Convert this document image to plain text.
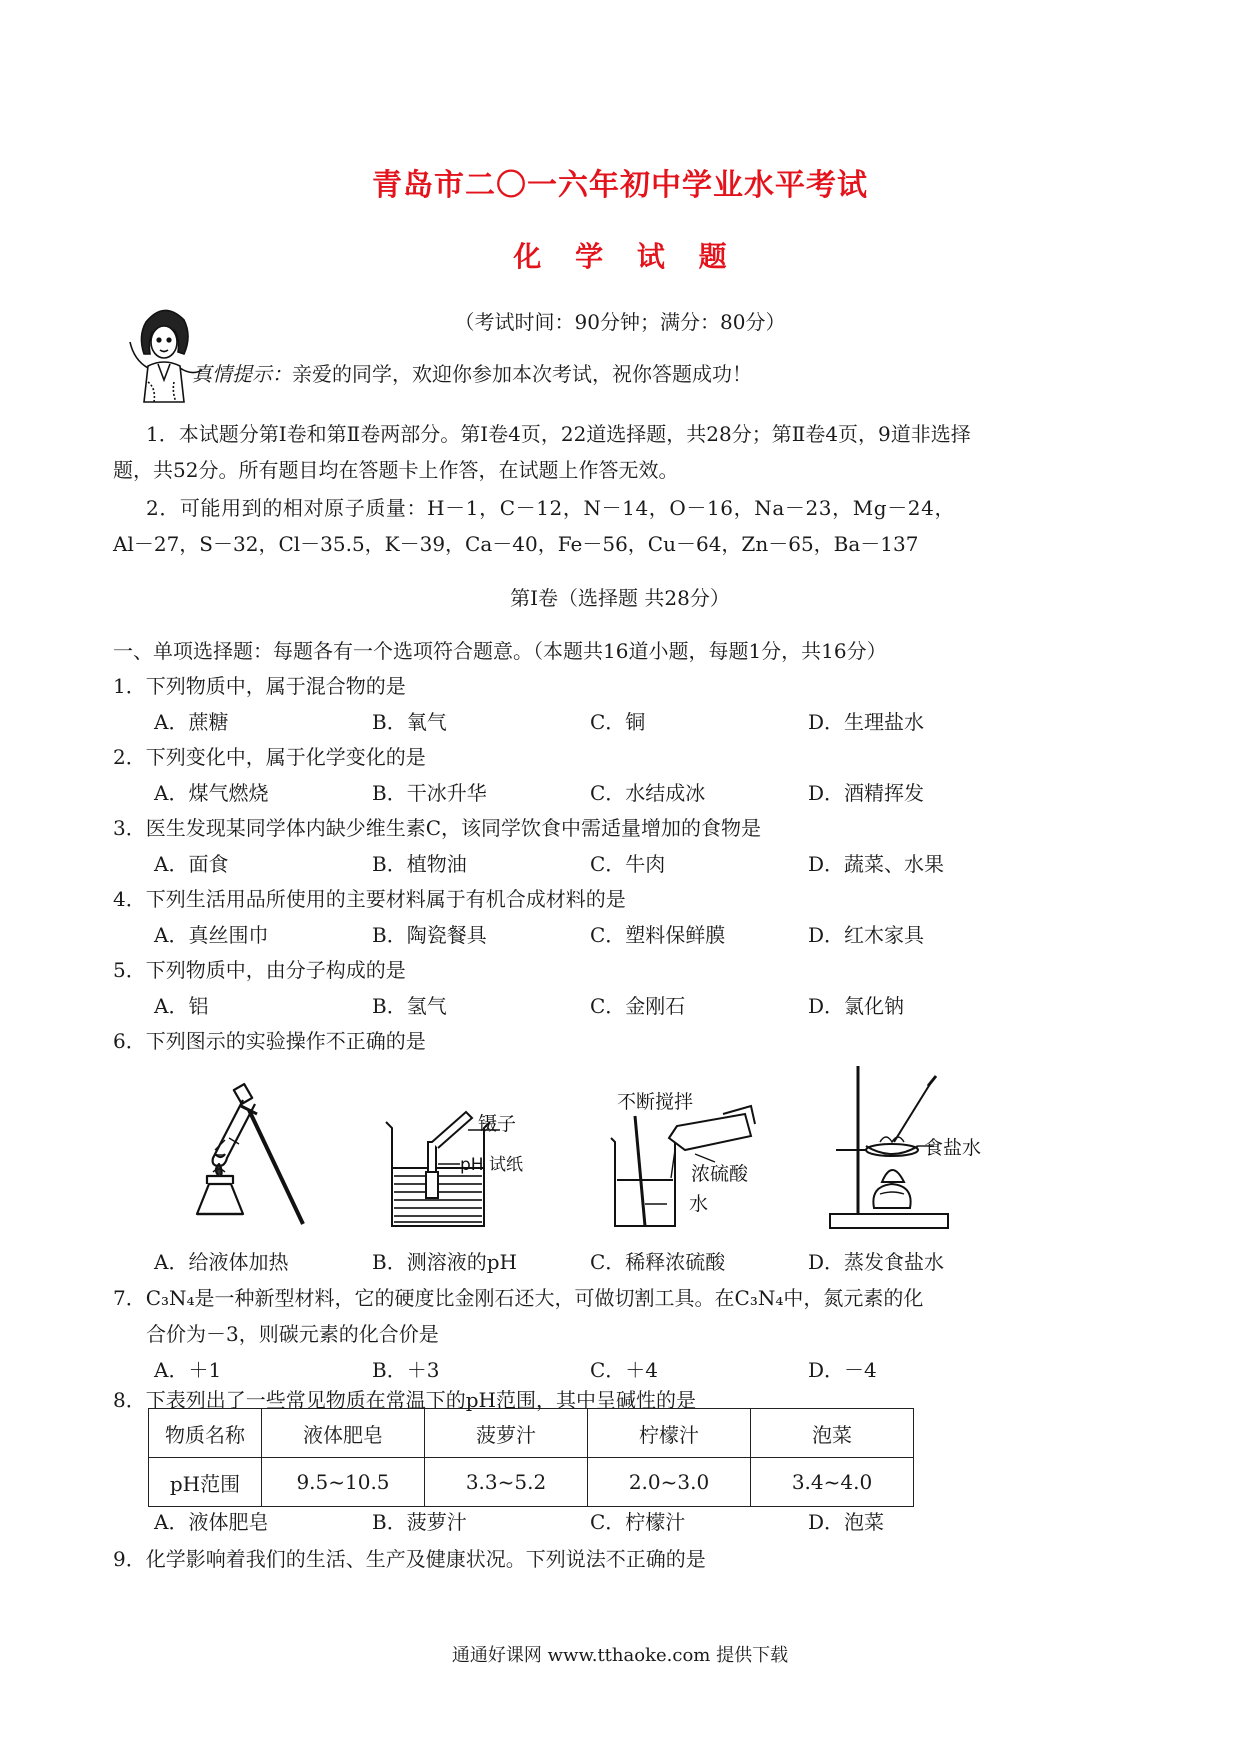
青岛市二〇一六年初中学业水平考试
化 学 试 题
（考试时间：90分钟；满分：80分）
真情提示：亲爱的同学，欢迎你参加本次考试，祝你答题成功！
1．本试题分第Ⅰ卷和第Ⅱ卷两部分。第Ⅰ卷4页，22道选择题，共28分；第Ⅱ卷4页，9道非选择
题，共52分。所有题目均在答题卡上作答，在试题上作答无效。
2．可能用到的相对原子质量：H－1，C－12，N－14，O－16，Na－23，Mg－24，
Al－27，S－32，Cl－35.5，K－39，Ca－40，Fe－56，Cu－64，Zn－65，Ba－137
第Ⅰ卷（选择题 共28分）
一、单项选择题：每题各有一个选项符合题意。（本题共16道小题，每题1分，共16分）
1．下列物质中，属于混合物的是
A．蔗糖	B．氧气	C．铜	D．生理盐水
2．下列变化中，属于化学变化的是
A．煤气燃烧	B．干冰升华	C．水结成冰	D．酒精挥发
3．医生发现某同学体内缺少维生素C，该同学饮食中需适量增加的食物是
A．面食	B．植物油	C．牛肉	D．蔬菜、水果
4．下列生活用品所使用的主要材料属于有机合成材料的是
A．真丝围巾	B．陶瓷餐具	C．塑料保鲜膜	D．红木家具
5．下列物质中，由分子构成的是
A．铝	B．氢气	C．金刚石	D．氯化钠
6．下列图示的实验操作不正确的是
镊子
pH 试纸
不断搅拌
浓硫酸
水
食盐水
A．给液体加热	B．测溶液的pH	C．稀释浓硫酸	D．蒸发食盐水
7．C₃N₄是一种新型材料，它的硬度比金刚石还大，可做切割工具。在C₃N₄中，氮元素的化
合价为－3，则碳元素的化合价是
A．＋1	B．＋3	C．＋4	D．－4
8．下表列出了一些常见物质在常温下的pH范围，其中呈碱性的是
物质名称	液体肥皂	菠萝汁	柠檬汁	泡菜
pH范围	9.5~10.5	3.3~5.2	2.0~3.0	3.4~4.0
A．液体肥皂	B．菠萝汁	C．柠檬汁	D．泡菜
9．化学影响着我们的生活、生产及健康状况。下列说法不正确的是
通通好课网 www.tthaoke.com 提供下载
